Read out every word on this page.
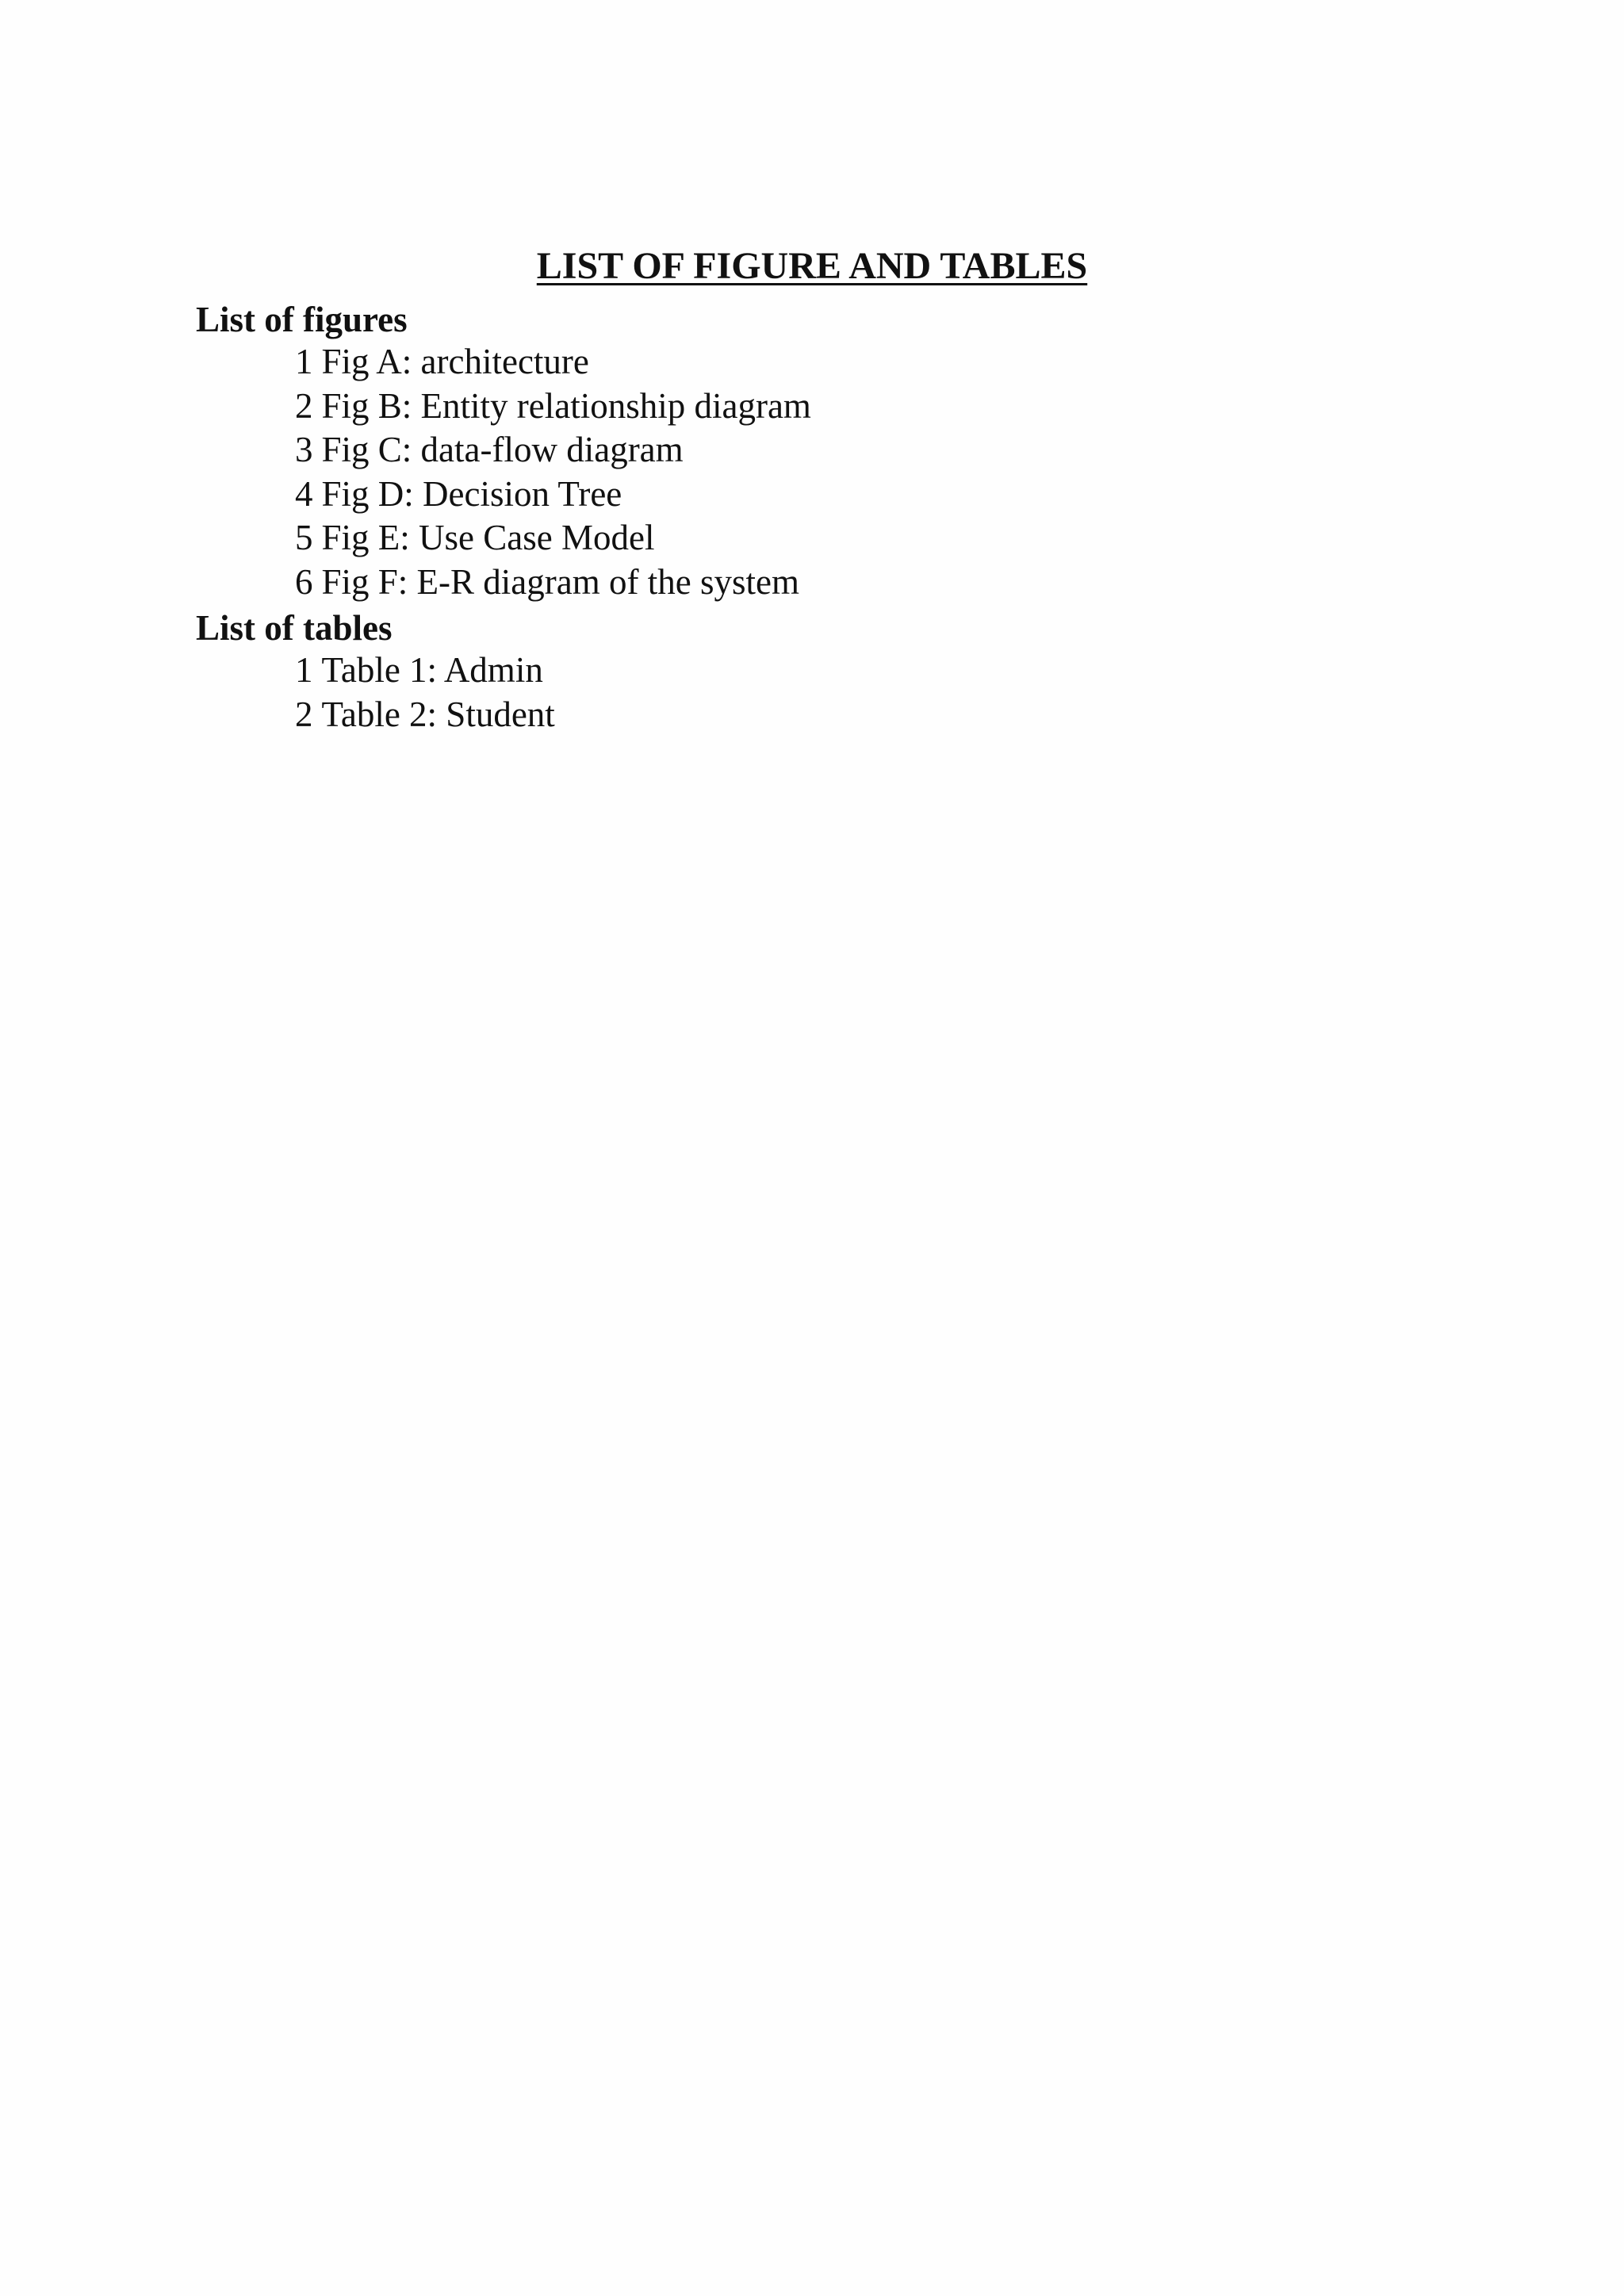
LIST OF FIGURE AND TABLES
List of figures
1 Fig A: architecture
2 Fig B: Entity relationship diagram
3 Fig C: data-flow diagram
4 Fig D: Decision Tree
5 Fig E: Use Case Model
6 Fig F: E-R diagram of the system
List of tables
1 Table 1: Admin
2 Table 2: Student
